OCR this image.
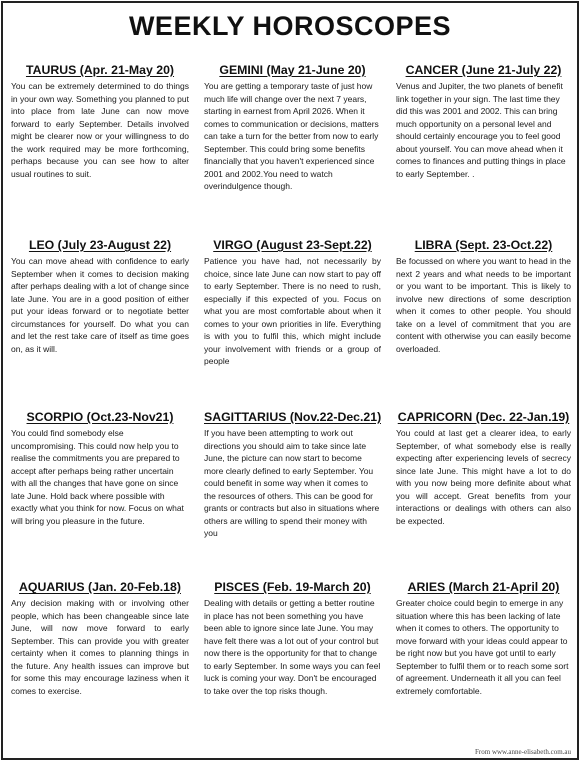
WEEKLY HOROSCOPES
TAURUS (Apr. 21-May 20)
You can be extremely determined to do things in your own way. Something you planned to put into place from late June can now move forward to early September. Details involved might be clearer now or your willingness to do the work required may be more forthcoming, perhaps because you can see how to alter usual routines to suit.
GEMINI (May 21-June 20)
You are getting a temporary taste of just how much life will change over the next 7 years, starting in earnest from April 2026. When it comes to communication or decisions, matters can take a turn for the better from now to early September. This could bring some benefits financially that you haven't experienced since 2001 and 2002.You need to watch overindulgence though.
CANCER (June 21-July 22)
Venus and Jupiter, the two planets of benefit link together in your sign. The last time they did this was 2001 and 2002. This can bring much opportunity on a personal level and should certainly encourage you to feel good about yourself. You can move ahead when it comes to finances and putting things in place to early September. .
LEO (July 23-August 22)
You can move ahead with confidence to early September when it comes to decision making after perhaps dealing with a lot of change since late June. You are in a good position of either put your ideas forward or to negotiate better circumstances for yourself. Do what you can and let the rest take care of itself as time goes on, as it will.
VIRGO (August 23-Sept.22)
Patience you have had, not necessarily by choice, since late June can now start to pay off to early September. There is no need to rush, especially if this expected of you. Focus on what you are most comfortable about when it comes to your own priorities in life. Everything is with you to fulfil this, which might include your involvement with friends or a group of people
LIBRA (Sept. 23-Oct.22)
Be focussed on where you want to head in the next 2 years and what needs to be important or you want to be important. This is likely to involve new directions of some description when it comes to other people. You should take on a level of commitment that you are content with otherwise you can easily become overloaded.
SCORPIO (Oct.23-Nov21)
You could find somebody else uncompromising. This could now help you to realise the commitments you are prepared to accept after perhaps being rather uncertain with all the changes that have gone on since late June. Hold back where possible with exactly what you think for now. Focus on what will bring you pleasure in the future.
SAGITTARIUS (Nov.22-Dec.21)
If you have been attempting to work out directions you should aim to take since late June, the picture can now start to become more clearly defined to early September. You could benefit in some way when it comes to the resources of others. This can be good for grants or contracts but also in situations where others are willing to spend their money with you
CAPRICORN (Dec. 22-Jan.19)
You could at last get a clearer idea, to early September, of what somebody else is really expecting after experiencing levels of secrecy since late June. This might have a lot to do with you now being more definite about what you will accept. Great benefits from your interactions or dealings with others can also be expected.
AQUARIUS (Jan. 20-Feb.18)
Any decision making with or involving other people, which has been changeable since late June, will now move forward to early September. This can provide you with greater certainty when it comes to planning things in the future. Any health issues can improve but for some this may encourage laziness when it comes to exercise.
PISCES (Feb. 19-March 20)
Dealing with details or getting a better routine in place has not been something you have been able to ignore since late June. You may have felt there was a lot out of your control but now there is the opportunity for that to change to early September. In some ways you can feel luck is coming your way. Don't be encouraged to take over the top risks though.
ARIES (March 21-April 20)
Greater choice could begin to emerge in any situation where this has been lacking of late when it comes to others. The opportunity to move forward with your ideas could appear to be right now but you have got until to early September to fulfil them or to reach some sort of agreement. Underneath it all you can feel extremely comfortable.
From www.anne-elisabeth.com.au
